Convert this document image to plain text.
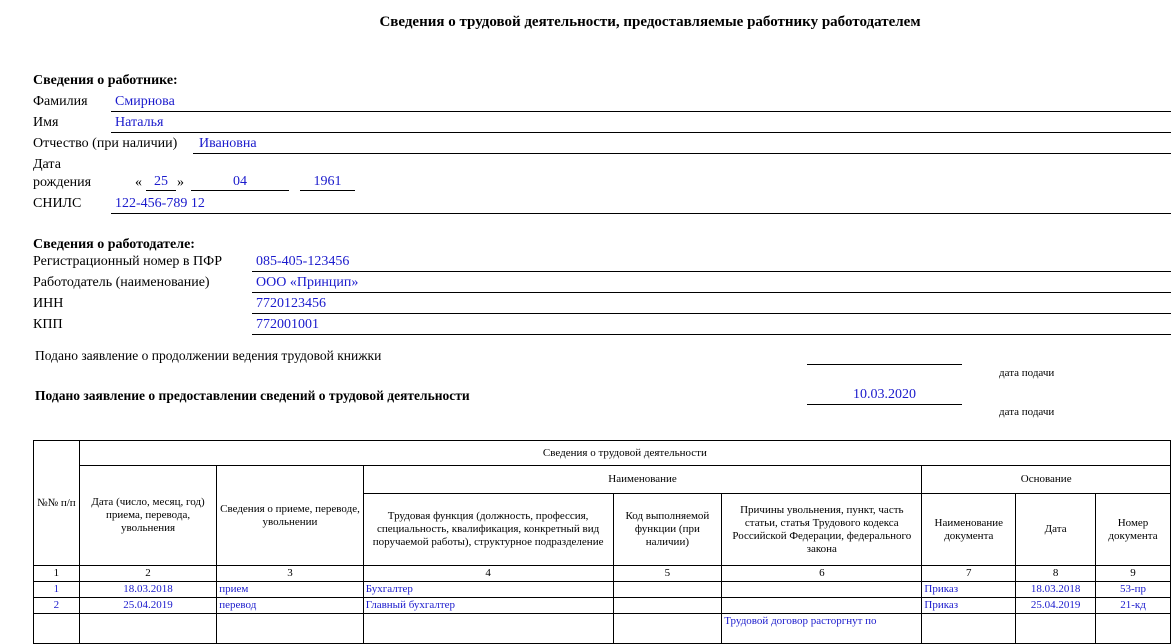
Сведения о трудовой деятельности, предоставляемые работнику работодателем
Сведения о работнике:
Фамилия Смирнова
Имя	Наталья
Отчество (при наличии) Ивановна
Дата
рождения	« 25 »	04	1961
СНИЛС 122-456-789 12
Сведения о работодателе:
Регистрационный номер в ПФР 085-405-123456
Работодатель (наименование)	ООО «Принцип»
ИНН	7720123456
КПП	772001001
Подано заявление о продолжении ведения трудовой книжки
дата подачи
Подано заявление о предоставлении сведений о трудовой деятельности	10.03.2020
дата подачи
№№ п/п	Сведения о трудовой деятельности							
	Дата (число, месяц, год) приема, перевода, увольнения	Сведения о приеме, переводе, увольнении	Наименование			Основание		
			Трудовая функция (должность, профессия, специальность, квалификация, конкретный вид поручаемой работы), структурное подразделение	Код выполняемой функции (при наличии)	Причины увольнения, пункт, часть статьи, статья Трудового кодекса Российской Федерации, федерального закона	Наименование документа	Дата	Номер документа
1	2	3	4	5	6	7	8	9
1	18.03.2018	прием	Бухгалтер			Приказ	18.03.2018	53-пр
2	25.04.2019	перевод	Главный бухгалтер			Приказ	25.04.2019	21-кд
					Трудовой договор расторгнут по			
